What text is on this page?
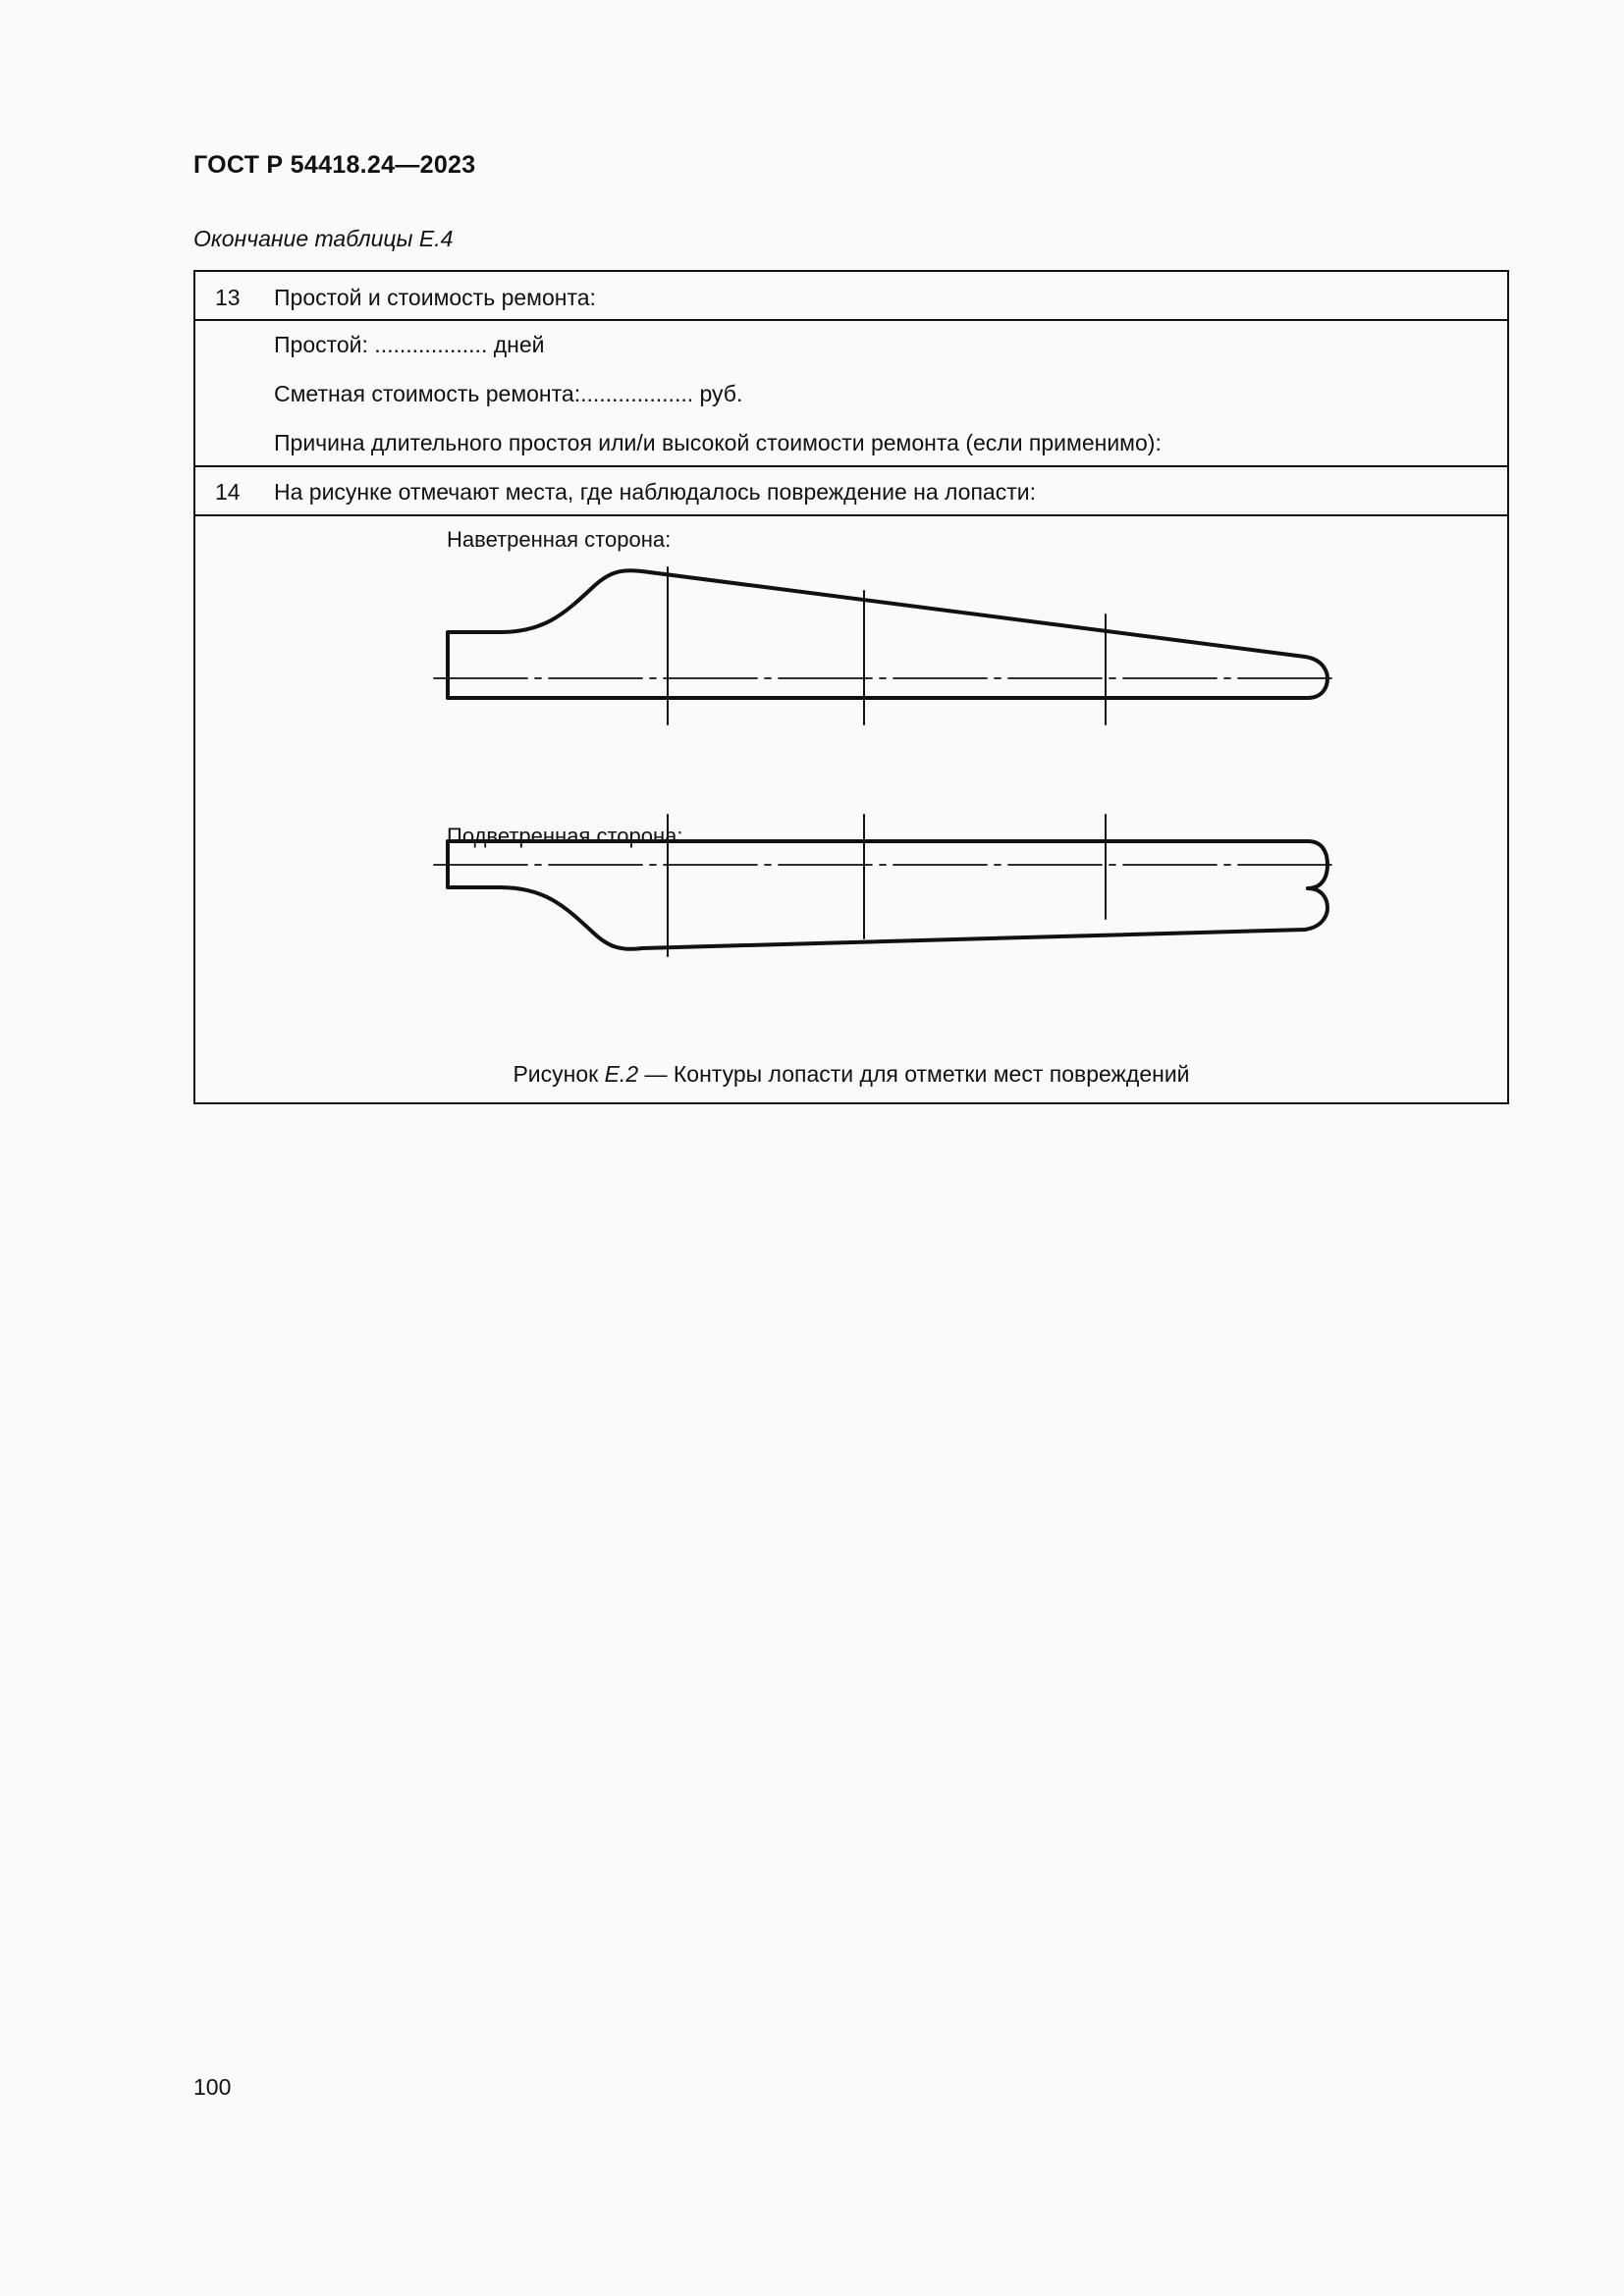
ГОСТ Р 54418.24—2023
Окончание таблицы Е.4
13 Простой и стоимость ремонта:
Простой: .................. дней
Сметная стоимость ремонта:.................. руб.
Причина длительного простоя или/и высокой стоимости ремонта (если применимо):
14 На рисунке отмечают места, где наблюдалось повреждение на лопасти:
Наветренная сторона:
Подветренная сторона:
Рисунок Е.2 — Контуры лопасти для отметки мест повреждений
100
